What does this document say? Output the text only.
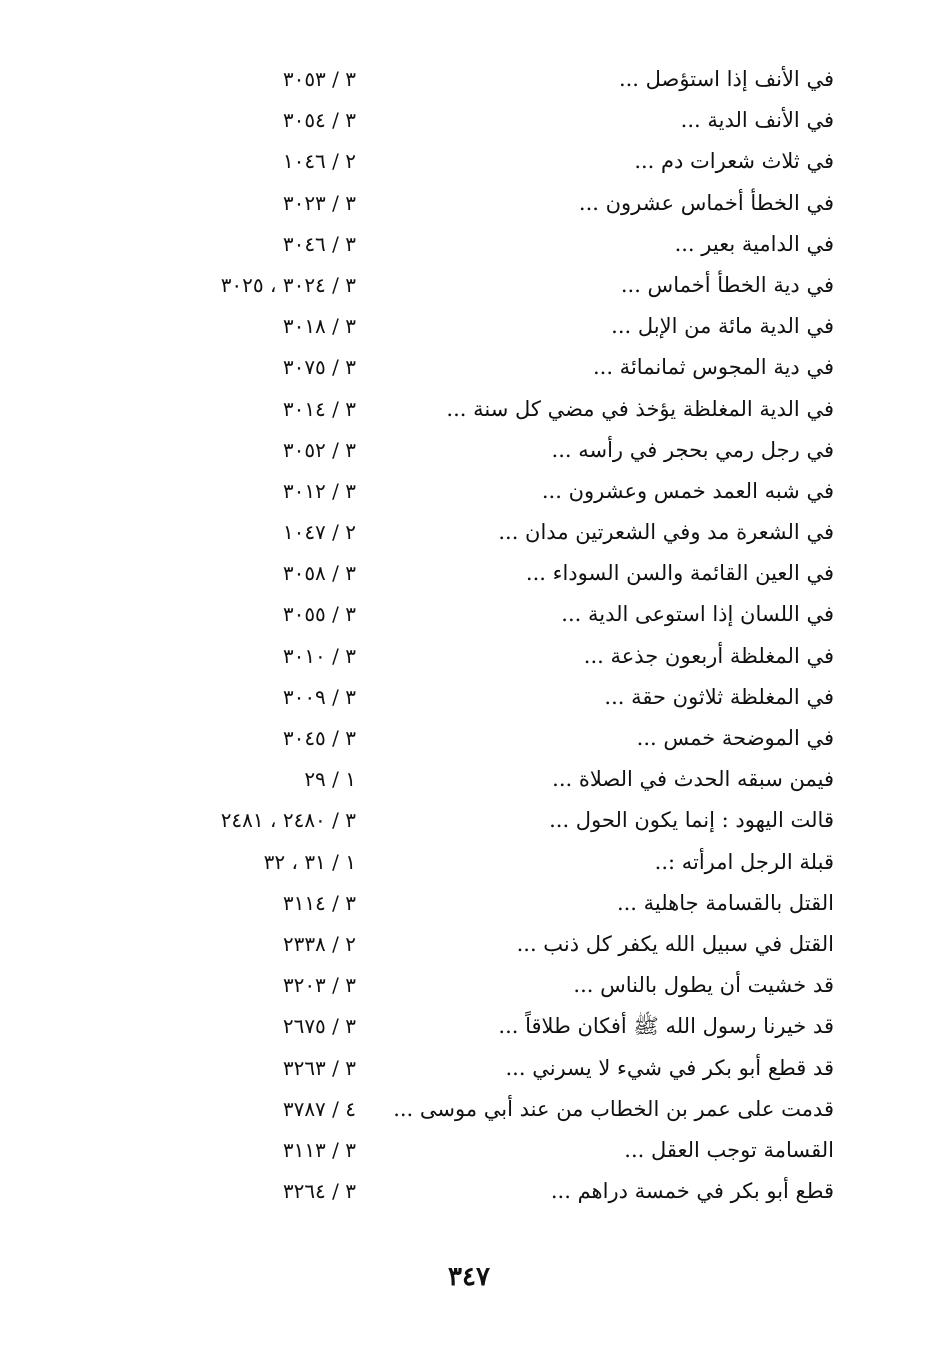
في الأنف إذا استؤصل ...
٣ / ٣٠٥٣
في الأنف الدية ...
٣ / ٣٠٥٤
في ثلاث شعرات دم ...
٢ / ١٠٤٦
في الخطأ أخماس عشرون ...
٣ / ٣٠٢٣
في الدامية بعير ...
٣ / ٣٠٤٦
في دية الخطأ أخماس ...
٣ / ٣٠٢٤ ، ٣٠٢٥
في الدية مائة من الإبل ...
٣ / ٣٠١٨
في دية المجوس ثمانمائة ...
٣ / ٣٠٧٥
في الدية المغلظة يؤخذ في مضي كل سنة ...
٣ / ٣٠١٤
في رجل رمي بحجر في رأسه ...
٣ / ٣٠٥٢
في شبه العمد خمس وعشرون ...
٣ / ٣٠١٢
في الشعرة مد وفي الشعرتين مدان ...
٢ / ١٠٤٧
في العين القائمة والسن السوداء ...
٣ / ٣٠٥٨
في اللسان إذا استوعى الدية ...
٣ / ٣٠٥٥
في المغلظة أربعون جذعة ...
٣ / ٣٠١٠
في المغلظة ثلاثون حقة ...
٣ / ٣٠٠٩
في الموضحة خمس ...
٣ / ٣٠٤٥
فيمن سبقه الحدث في الصلاة ...
١ / ٢٩
قالت اليهود : إنما يكون الحول ...
٣ / ٢٤٨٠ ، ٢٤٨١
قبلة الرجل امرأته :..
١ / ٣١ ، ٣٢
القتل بالقسامة جاهلية ...
٣ / ٣١١٤
القتل في سبيل الله يكفر كل ذنب ...
٢ / ٢٣٣٨
قد خشيت أن يطول بالناس ...
٣ / ٣٢٠٣
قد خيرنا رسول الله ﷺ أفكان طلاقاً ...
٣ / ٢٦٧٥
قد قطع أبو بكر في شيء لا يسرني ...
٣ / ٣٢٦٣
قدمت على عمر بن الخطاب من عند أبي موسى ...
٤ / ٣٧٨٧
القسامة توجب العقل ...
٣ / ٣١١٣
قطع أبو بكر في خمسة دراهم ...
٣ / ٣٢٦٤
٣٤٧
